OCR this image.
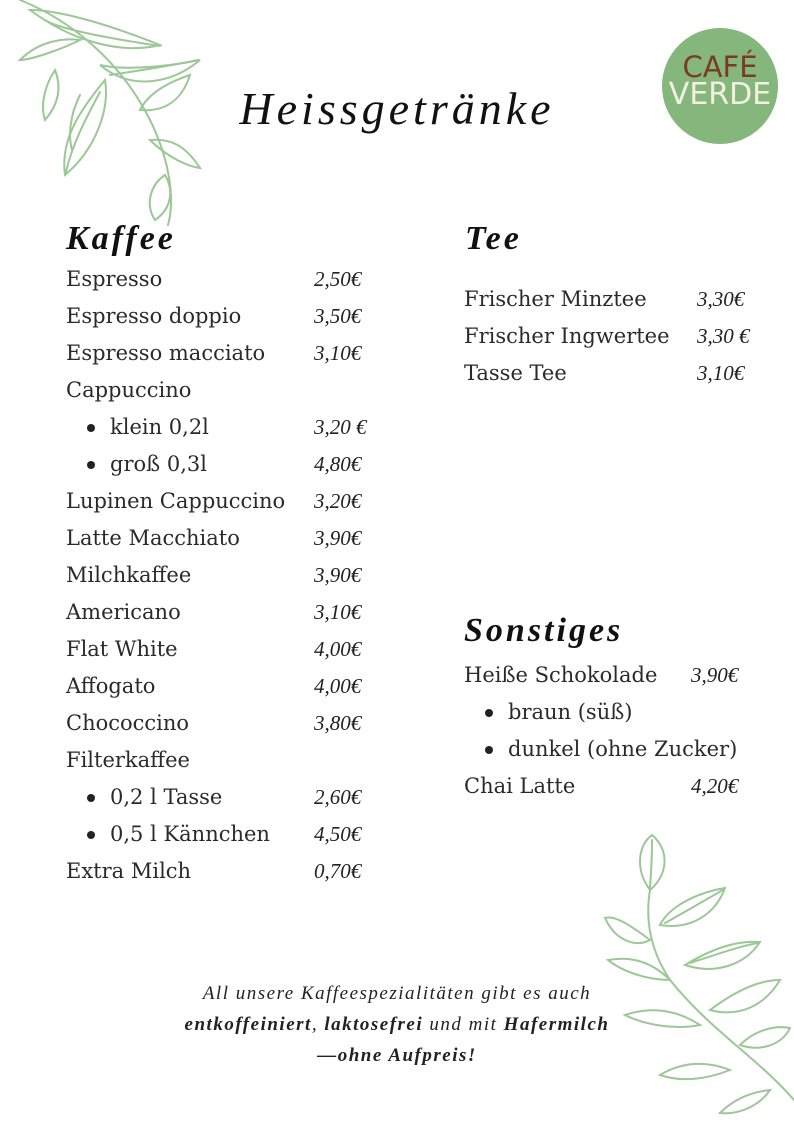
CAFÉ
VERDE
Heissgetränke
Kaffee
Espresso	2,50€
Espresso doppio	3,50€
Espresso macciato 3,10€
Cappuccino
klein 0,2l	3,20 €
groß 0,3l	4,80€
Lupinen Cappuccino 3,20€
Latte Macchiato	3,90€
Milchkaffee	3,90€
Americano	3,10€
Flat White	4,00€
Affogato	4,00€
Chococcino	3,80€
Filterkaffee
0,2 l Tasse	2,60€
0,5 l Kännchen 4,50€
Extra Milch	0,70€
Tee
Frischer Minztee 3,30€
Frischer Ingwertee 3,30 €
Tasse Tee	3,10€
Sonstiges
Heiße Schokolade 3,90€
braun (süß)
dunkel (ohne Zucker)
Chai Latte	4,20€
All unsere Kaffeespezialitäten gibt es auch
entkoffeiniert, laktosefrei und mit Hafermilch
—ohne Aufpreis!
